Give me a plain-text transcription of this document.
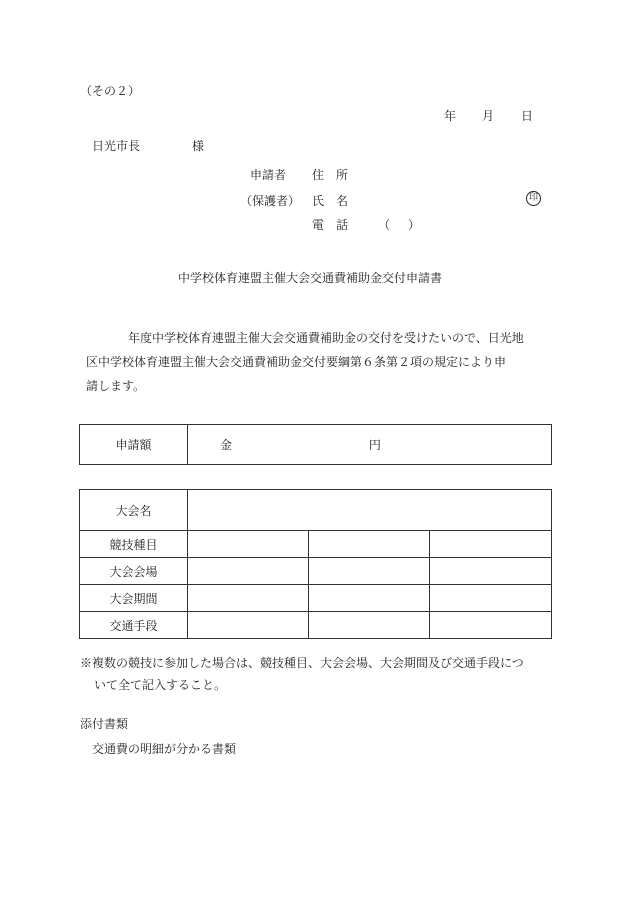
（その２）
年 月 日
日光市長	様
申請者 住　所
（保護者） 氏　名	印
電　話 （ ）
中学校体育連盟主催大会交通費補助金交付申請書
年度中学校体育連盟主催大会交通費補助金の交付を受けたいので、日光地
区中学校体育連盟主催大会交通費補助金交付要綱第６条第２項の規定により申
請します。
申請額	金	円
大会名			
競技種目			
大会会場			
大会期間			
交通手段			
※複数の競技に参加した場合は、競技種目、大会会場、大会期間及び交通手段につ
いて全て記入すること。
添付書類
交通費の明細が分かる書類
